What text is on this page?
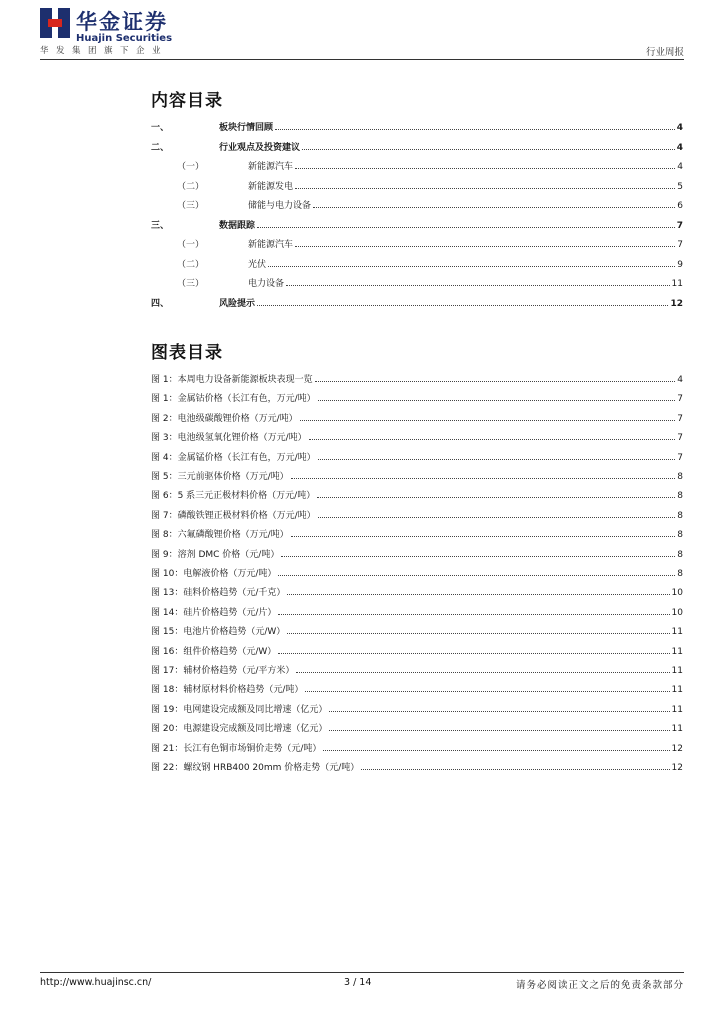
华金证券
Huajin Securities
华发集团旗下企业	行业周报
内容目录
一、	板块行情回顾	4
二、	行业观点及投资建议	4
（一）	新能源汽车	4
（二）	新能源发电	5
（三）	储能与电力设备	6
三、	数据跟踪	7
（一）	新能源汽车	7
（二）	光伏	9
（三）	电力设备	11
四、	风险提示	12
图表目录
图 1：本周电力设备新能源板块表现一览	4
图 1：金属钴价格（长江有色，万元/吨）	7
图 2：电池级碳酸锂价格（万元/吨）	7
图 3：电池级氢氧化锂价格（万元/吨）	7
图 4：金属锰价格（长江有色，万元/吨）	7
图 5：三元前驱体价格（万元/吨）	8
图 6：5 系三元正极材料价格（万元/吨）	8
图 7：磷酸铁锂正极材料价格（万元/吨）	8
图 8：六氟磷酸锂价格（万元/吨）	8
图 9：溶剂 DMC 价格（元/吨）	8
图 10：电解液价格（万元/吨）	8
图 13：硅料价格趋势（元/千克）	10
图 14：硅片价格趋势（元/片）	10
图 15：电池片价格趋势（元/W）	11
图 16：组件价格趋势（元/W）	11
图 17：辅材价格趋势（元/平方米）	11
图 18：辅材原材料价格趋势（元/吨）	11
图 19：电网建设完成额及同比增速（亿元）	11
图 20：电源建设完成额及同比增速（亿元）	11
图 21：长江有色铜市场铜价走势（元/吨）	12
图 22：螺纹钢 HRB400 20mm 价格走势（元/吨）	12
http://www.huajinsc.cn/	3 / 14	请务必阅读正文之后的免责条款部分
